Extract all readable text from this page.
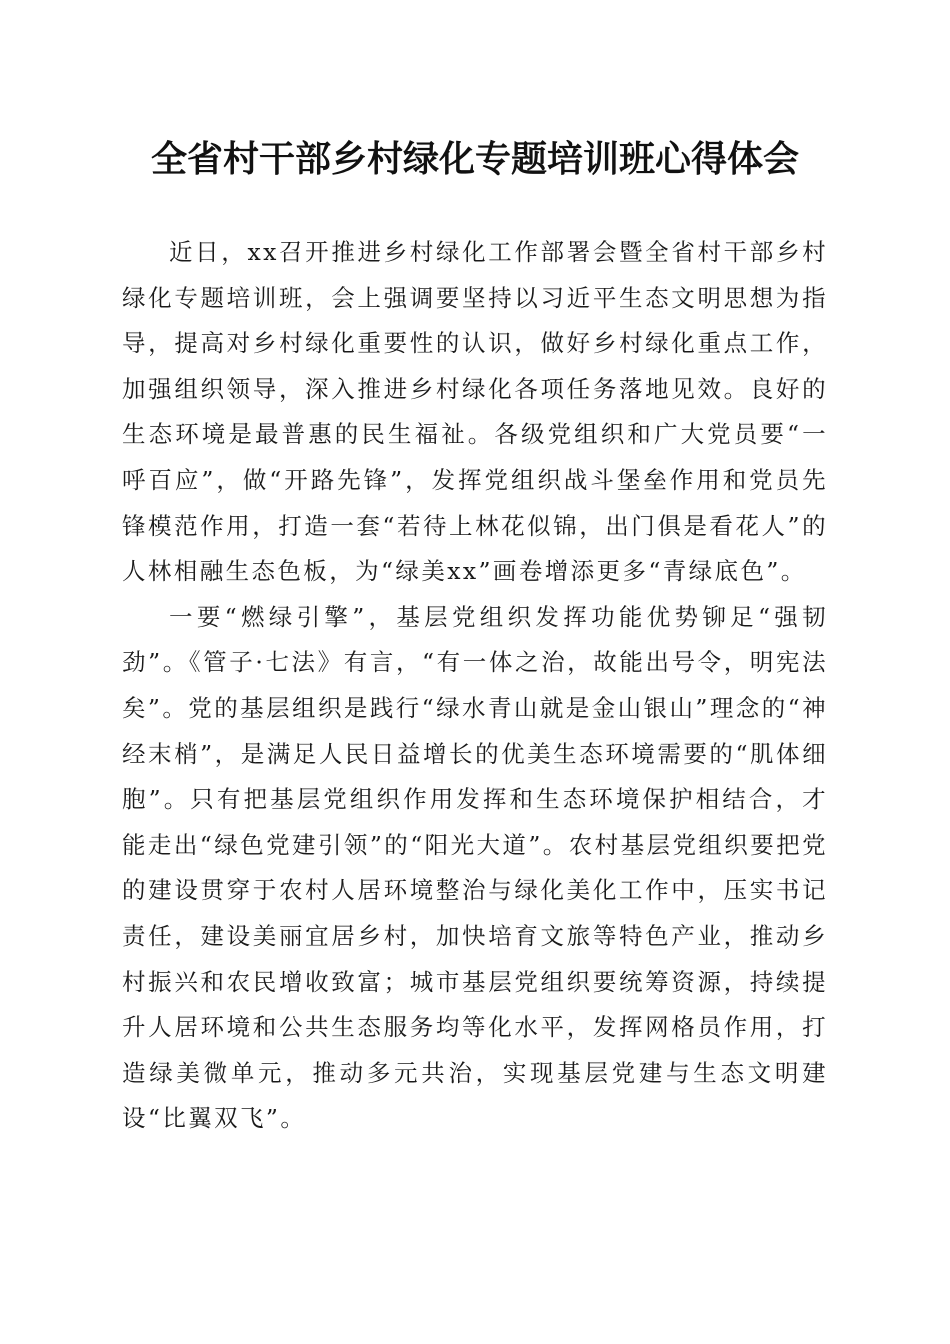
全省村干部乡村绿化专题培训班心得体会

近日，xx召开推进乡村绿化工作部署会暨全省村干部乡村绿化专题培训班，会上强调要坚持以习近平生态文明思想为指导，提高对乡村绿化重要性的认识，做好乡村绿化重点工作，加强组织领导，深入推进乡村绿化各项任务落地见效。良好的生态环境是最普惠的民生福祉。各级党组织和广大党员要“一呼百应”，做“开路先锋”，发挥党组织战斗堡垒作用和党员先锋模范作用，打造一套“若待上林花似锦，出门俱是看花人”的人林相融生态色板，为“绿美xx”画卷增添更多“青绿底色”。

一要“燃绿引擎”，基层党组织发挥功能优势铆足“强韧劲”。《管子·七法》有言，“有一体之治，故能出号令，明宪法矣”。党的基层组织是践行“绿水青山就是金山银山”理念的“神经末梢”，是满足人民日益增长的优美生态环境需要的“肌体细胞”。只有把基层党组织作用发挥和生态环境保护相结合，才能走出“绿色党建引领”的“阳光大道”。农村基层党组织要把党的建设贯穿于农村人居环境整治与绿化美化工作中，压实书记责任，建设美丽宜居乡村，加快培育文旅等特色产业，推动乡村振兴和农民增收致富；城市基层党组织要统筹资源，持续提升人居环境和公共生态服务均等化水平，发挥网格员作用，打造绿美微单元，推动多元共治，实现基层党建与生态文明建设“比翼双飞”。
